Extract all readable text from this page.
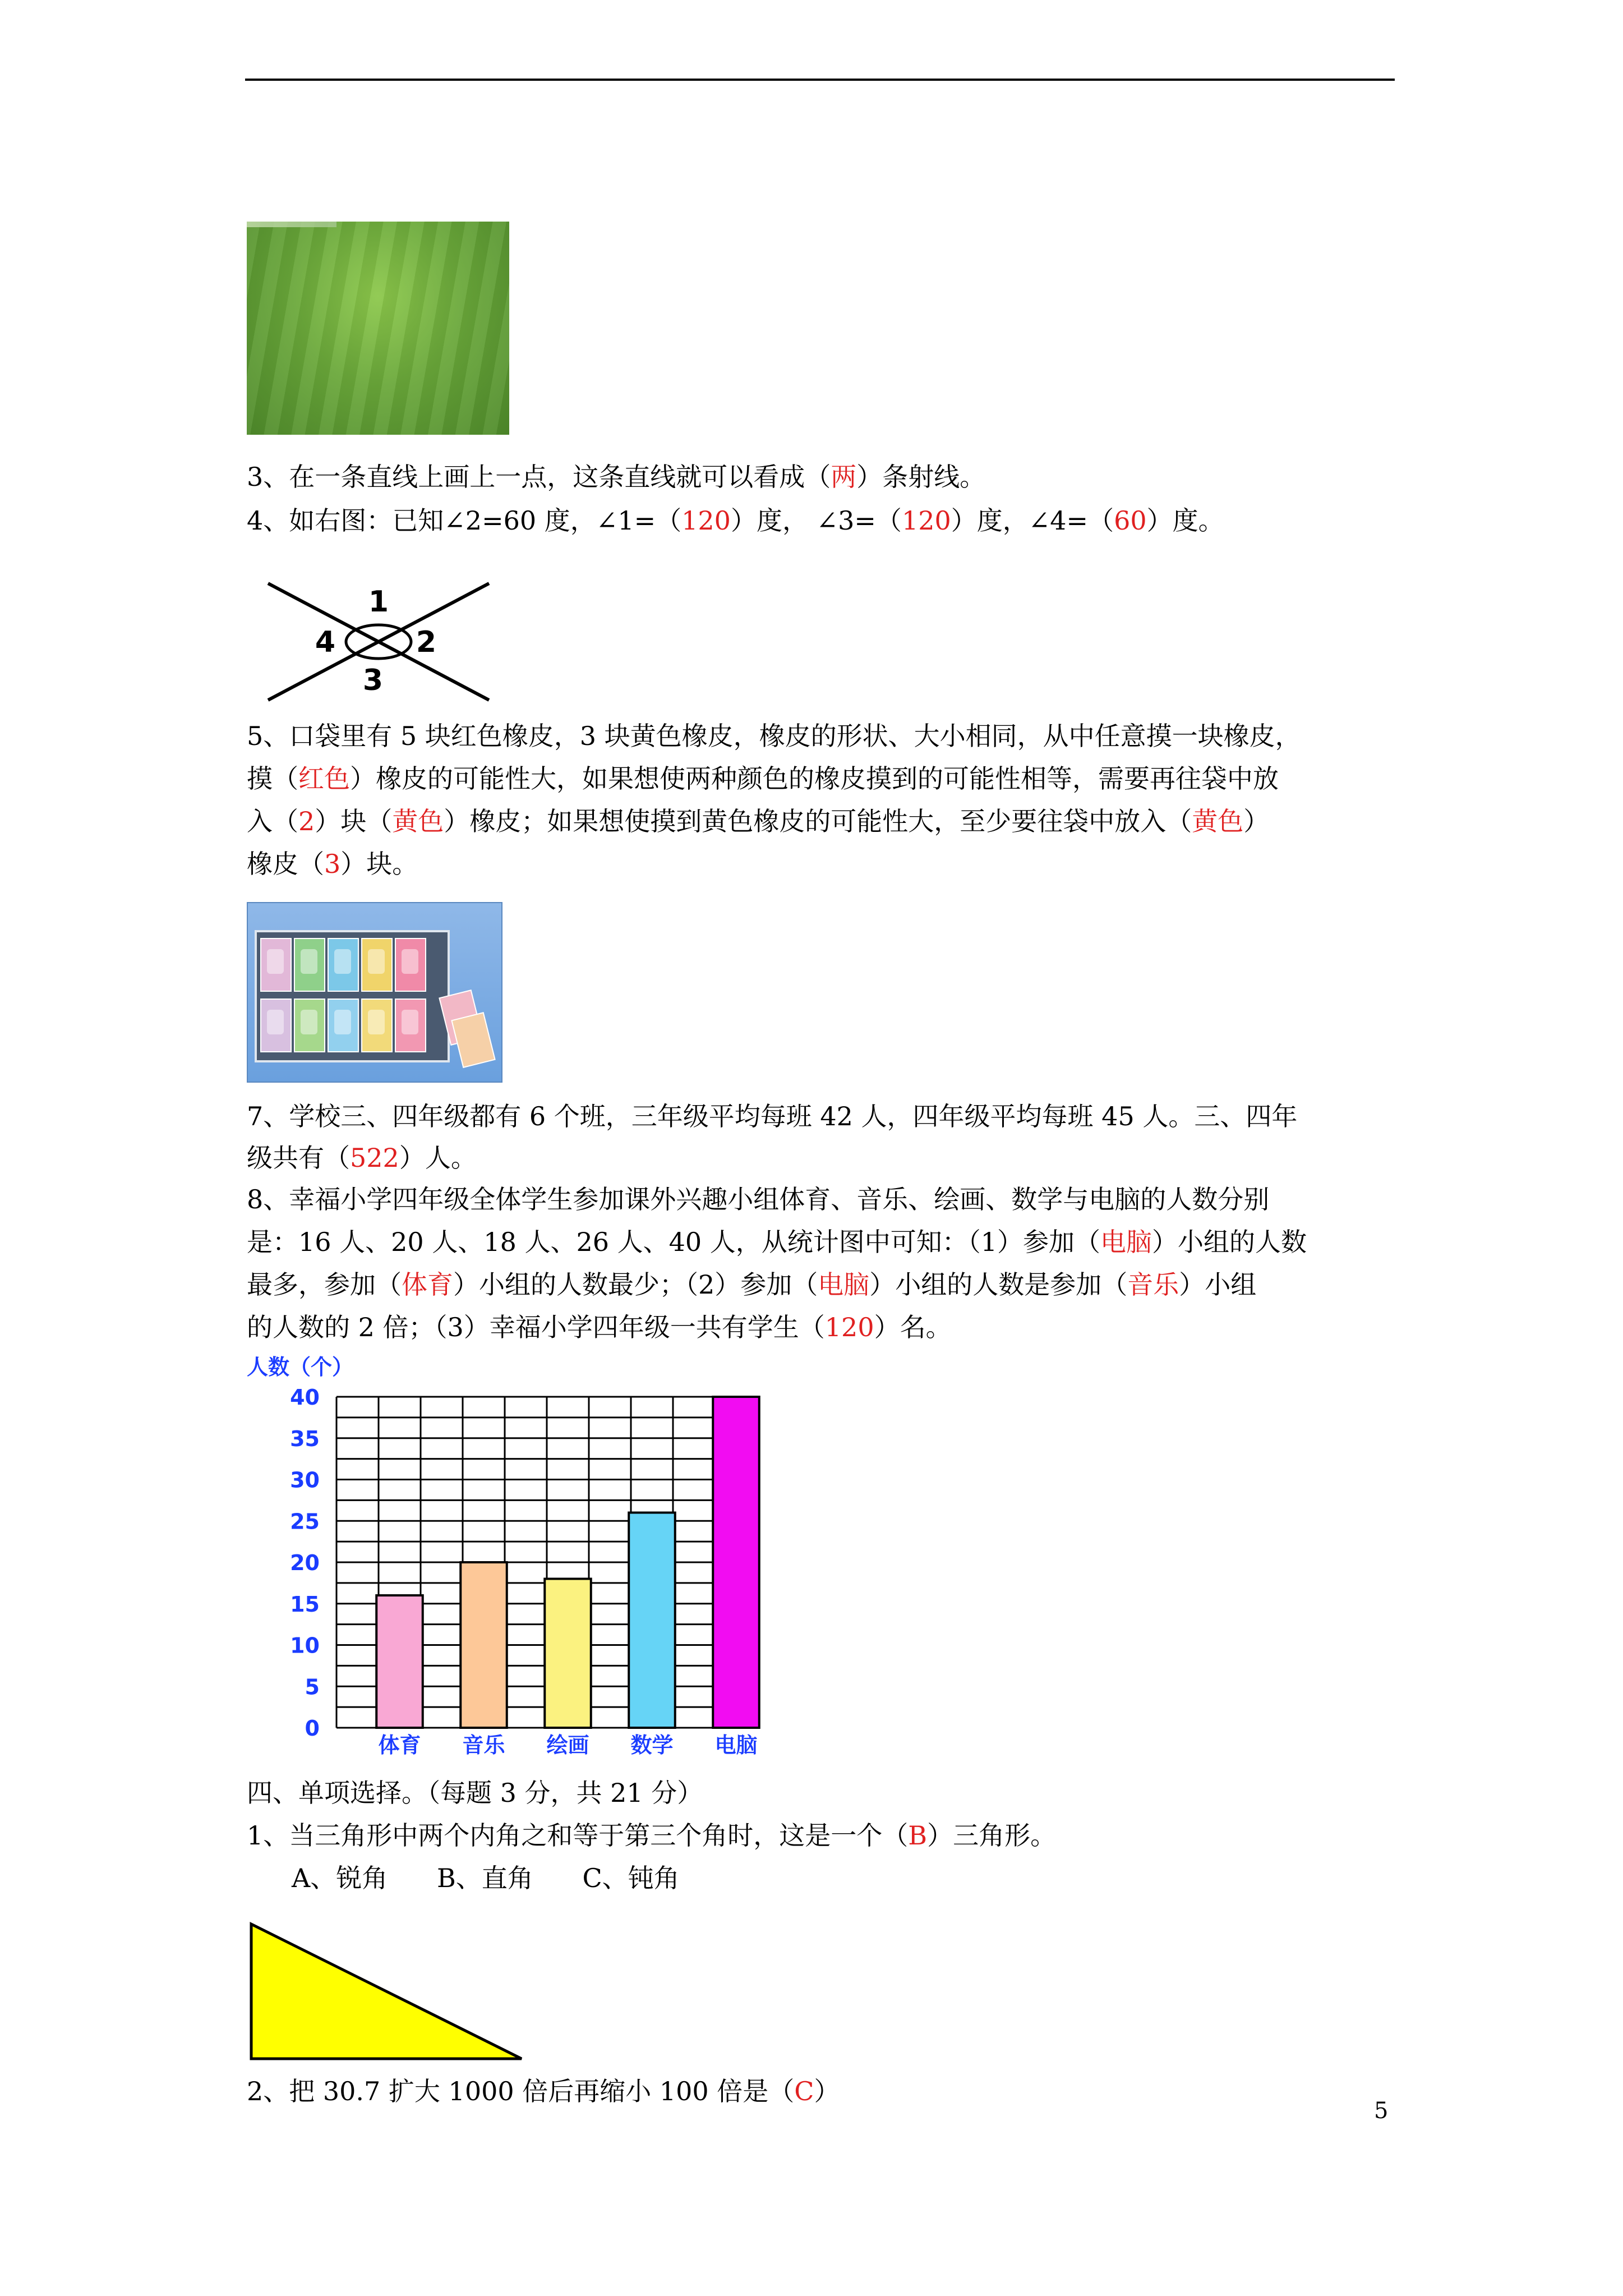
3、在一条直线上画上一点，这条直线就可以看成（两）条射线。
4、如右图：已知∠2=60 度，∠1=（120）度， ∠3=（120）度，∠4=（60）度。
1
2
3
4
5、口袋里有 5 块红色橡皮，3 块黄色橡皮，橡皮的形状、大小相同，从中任意摸一块橡皮，
摸（红色）橡皮的可能性大，如果想使两种颜色的橡皮摸到的可能性相等，需要再往袋中放
入（2）块（黄色）橡皮；如果想使摸到黄色橡皮的可能性大，至少要往袋中放入（黄色）
橡皮（3）块。
7、学校三、四年级都有 6 个班，三年级平均每班 42 人，四年级平均每班 45 人。三、四年
级共有（522）人。
8、幸福小学四年级全体学生参加课外兴趣小组体育、音乐、绘画、数学与电脑的人数分别
是：16 人、20 人、18 人、26 人、40 人，从统计图中可知：（1）参加（电脑）小组的人数
最多，参加（体育）小组的人数最少；（2）参加（电脑）小组的人数是参加（音乐）小组
的人数的 2 倍；（3）幸福小学四年级一共有学生（120）名。
人数（个）
0
5
10
15
20
25
30
35
40
体育 音乐 绘画 数学 电脑
四、单项选择。（每题 3 分，共 21 分）
1、当三角形中两个内角之和等于第三个角时，这是一个（B）三角形。
A、锐角      B、直角      C、钝角
2、把 30.7 扩大 1000 倍后再缩小 100 倍是（C）
5
